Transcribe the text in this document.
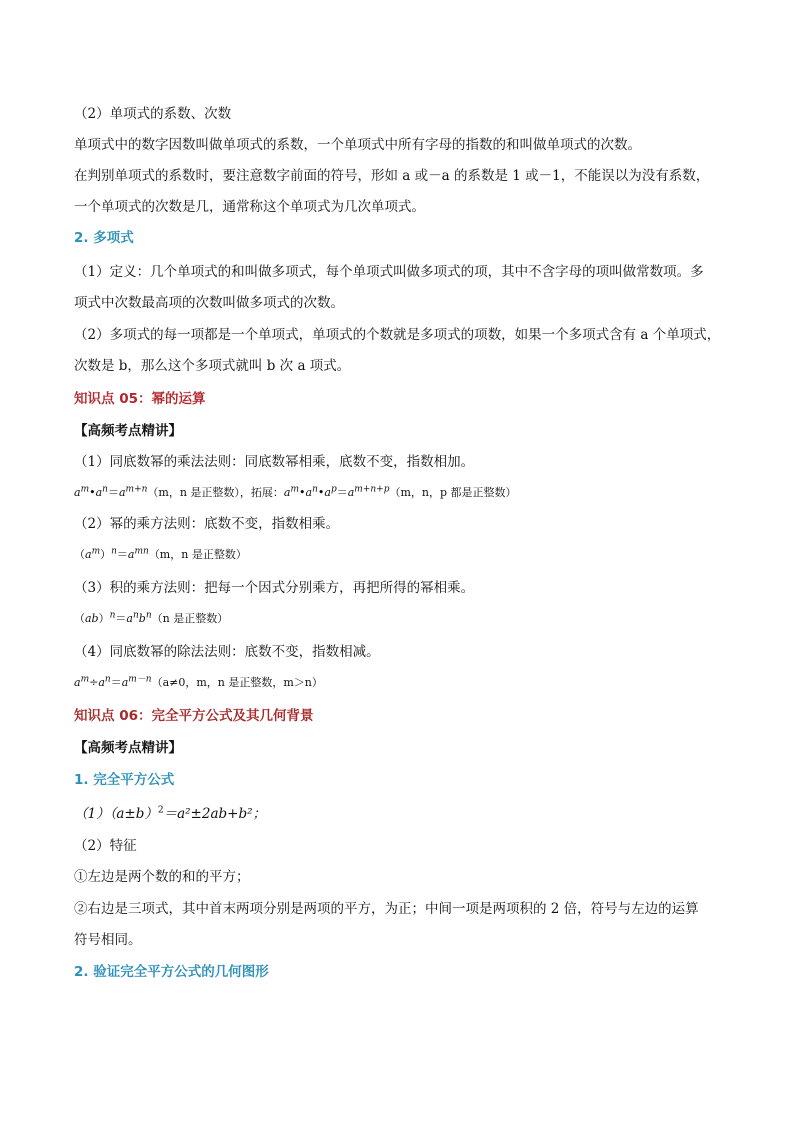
（2）单项式的系数、次数
单项式中的数字因数叫做单项式的系数，一个单项式中所有字母的指数的和叫做单项式的次数。
在判别单项式的系数时，要注意数字前面的符号，形如 a 或－a 的系数是 1 或－1，不能误以为没有系数，
一个单项式的次数是几，通常称这个单项式为几次单项式。
2. 多项式
（1）定义：几个单项式的和叫做多项式，每个单项式叫做多项式的项，其中不含字母的项叫做常数项。多
项式中次数最高项的次数叫做多项式的次数。
（2）多项式的每一项都是一个单项式，单项式的个数就是多项式的项数，如果一个多项式含有 a 个单项式，
次数是 b，那么这个多项式就叫 b 次 a 项式。
知识点 05：幂的运算
【高频考点精讲】
（1）同底数幂的乘法法则：同底数幂相乘，底数不变，指数相加。
$a^m•a^n=a^{m+n}(m$，n 是正整数），拓展：$a^m•a^n•a^p=a^{m+n+p}(m$，n，p 都是正整数）
（2）幂的乘方法则：底数不变，指数相乘。
$(a^m)^n=a^{mn}(m$，n 是正整数）
（3）积的乘方法则：把每一个因式分别乘方，再把所得的幂相乘。
$(ab)^n=a^nb^n(n$ 是正整数）
（4）同底数幂的除法法则：底数不变，指数相减。
$a^m\div a^n=a^{m-n}(a\ne 0$，m，n 是正整数，m＞n）
知识点 06：完全平方公式及其几何背景
【高频考点精讲】
1. 完全平方公式
$(1)(a\pm b)^2=a^2\pm 2ab+b^2$；
（2）特征
①左边是两个数的和的平方；
②右边是三项式，其中首末两项分别是两项的平方，为正；中间一项是两项积的 2 倍，符号与左边的运算
符号相同。
2. 验证完全平方公式的几何图形
